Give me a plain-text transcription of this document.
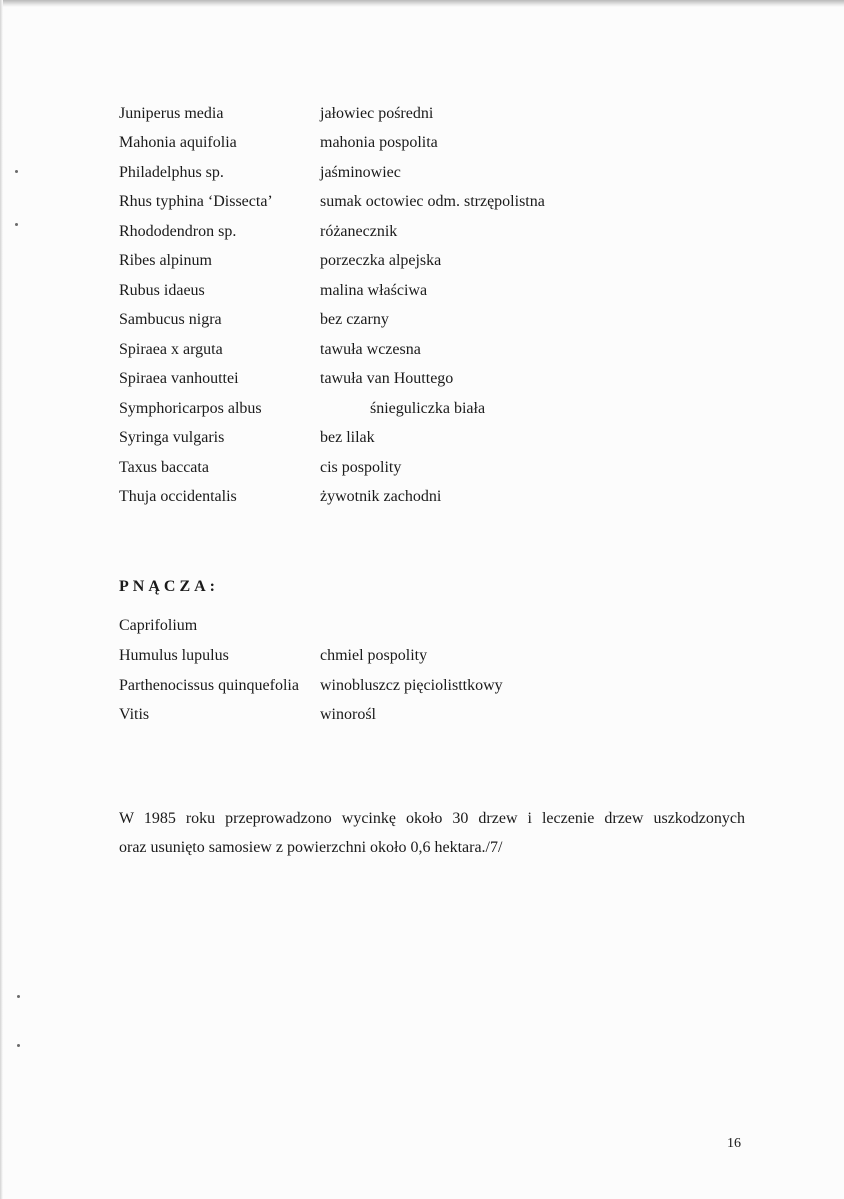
Juniperus media	jałowiec pośredni
Mahonia aquifolia	mahonia pospolita
Philadelphus sp.	jaśminowiec
Rhus typhina ‘Dissecta’	sumak octowiec odm. strzępolistna
Rhododendron sp.	różanecznik
Ribes alpinum	porzeczka alpejska
Rubus idaeus	malina właściwa
Sambucus nigra	bez czarny
Spiraea x arguta	tawuła wczesna
Spiraea vanhouttei	tawuła van Houttego
Symphoricarpos albus	śnieguliczka biała
Syringa vulgaris	bez lilak
Taxus baccata	cis pospolity
Thuja occidentalis	żywotnik zachodni
PNĄCZA:
Caprifolium
Humulus lupulus	chmiel pospolity
Parthenocissus quinquefolia winobluszcz pięciolisttkowy
Vitis	winorośl
W 1985 roku przeprowadzono wycinkę około 30 drzew i leczenie drzew uszkodzonych
oraz usunięto samosiew z powierzchni około 0,6 hektara./7/
16
